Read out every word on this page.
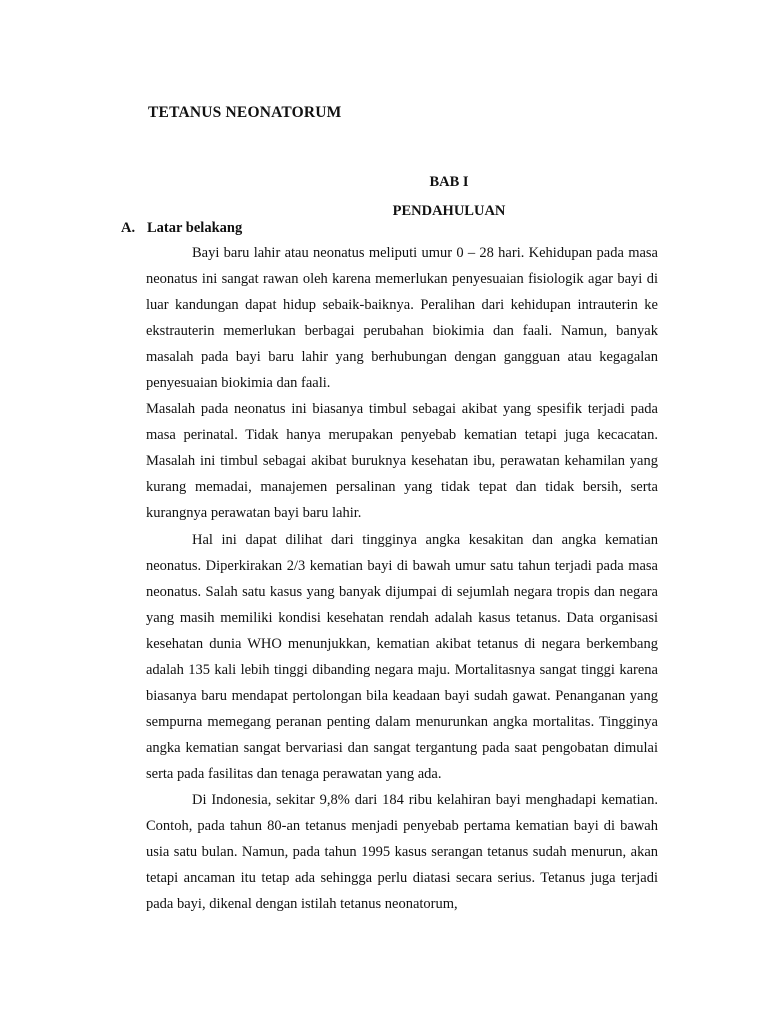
TETANUS NEONATORUM
BAB I
PENDAHULUAN
A. Latar belakang

Bayi baru lahir atau neonatus meliputi umur 0 – 28 hari. Kehidupan pada masa neonatus ini sangat rawan oleh karena memerlukan penyesuaian fisiologik agar bayi di luar kandungan dapat hidup sebaik-baiknya. Peralihan dari kehidupan intrauterin ke ekstrauterin memerlukan berbagai perubahan biokimia dan faali. Namun, banyak masalah pada bayi baru lahir yang berhubungan dengan gangguan atau kegagalan penyesuaian biokimia dan faali.

Masalah pada neonatus ini biasanya timbul sebagai akibat yang spesifik terjadi pada masa perinatal. Tidak hanya merupakan penyebab kematian tetapi juga kecacatan. Masalah ini timbul sebagai akibat buruknya kesehatan ibu, perawatan kehamilan yang kurang memadai, manajemen persalinan yang tidak tepat dan tidak bersih, serta kurangnya perawatan bayi baru lahir.

Hal ini dapat dilihat dari tingginya angka kesakitan dan angka kematian neonatus. Diperkirakan 2/3 kematian bayi di bawah umur satu tahun terjadi pada masa neonatus. Salah satu kasus yang banyak dijumpai di sejumlah negara tropis dan negara yang masih memiliki kondisi kesehatan rendah adalah kasus tetanus. Data organisasi kesehatan dunia WHO menunjukkan, kematian akibat tetanus di negara berkembang adalah 135 kali lebih tinggi dibanding negara maju. Mortalitasnya sangat tinggi karena biasanya baru mendapat pertolongan bila keadaan bayi sudah gawat. Penanganan yang sempurna memegang peranan penting dalam menurunkan angka mortalitas. Tingginya angka kematian sangat bervariasi dan sangat tergantung pada saat pengobatan dimulai serta pada fasilitas dan tenaga perawatan yang ada.

Di Indonesia, sekitar 9,8% dari 184 ribu kelahiran bayi menghadapi kematian. Contoh, pada tahun 80-an tetanus menjadi penyebab pertama kematian bayi di bawah usia satu bulan. Namun, pada tahun 1995 kasus serangan tetanus sudah menurun, akan tetapi ancaman itu tetap ada sehingga perlu diatasi secara serius. Tetanus juga terjadi pada bayi, dikenal dengan istilah tetanus neonatorum,
